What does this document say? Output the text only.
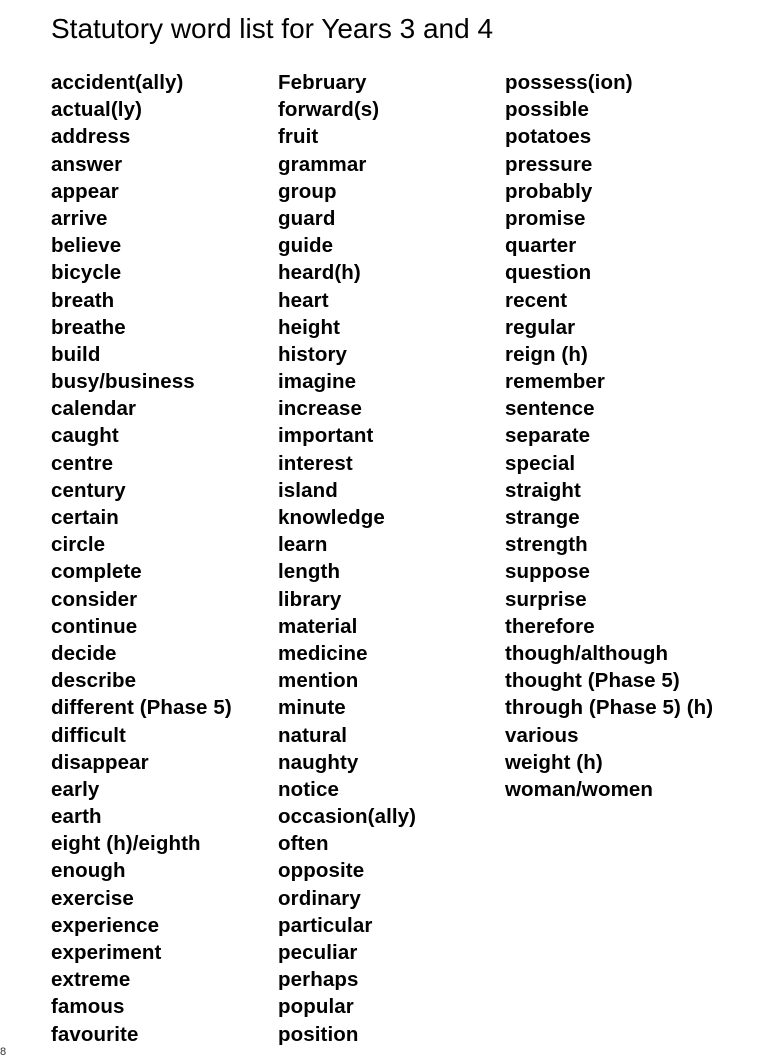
Statutory word list for Years 3 and 4
accident(ally)
actual(ly)
address
answer
appear
arrive
believe
bicycle
breath
breathe
build
busy/business
calendar
caught
centre
century
certain
circle
complete
consider
continue
decide
describe
different (Phase 5)
difficult
disappear
early
earth
eight (h)/eighth
enough
exercise
experience
experiment
extreme
famous
favourite
February
forward(s)
fruit
grammar
group
guard
guide
heard(h)
heart
height
history
imagine
increase
important
interest
island
knowledge
learn
length
library
material
medicine
mention
minute
natural
naughty
notice
occasion(ally)
often
opposite
ordinary
particular
peculiar
perhaps
popular
position
possess(ion)
possible
potatoes
pressure
probably
promise
quarter
question
recent
regular
reign (h)
remember
sentence
separate
special
straight
strange
strength
suppose
surprise
therefore
though/although
thought (Phase 5)
through (Phase 5) (h)
various
weight (h)
woman/women
8
